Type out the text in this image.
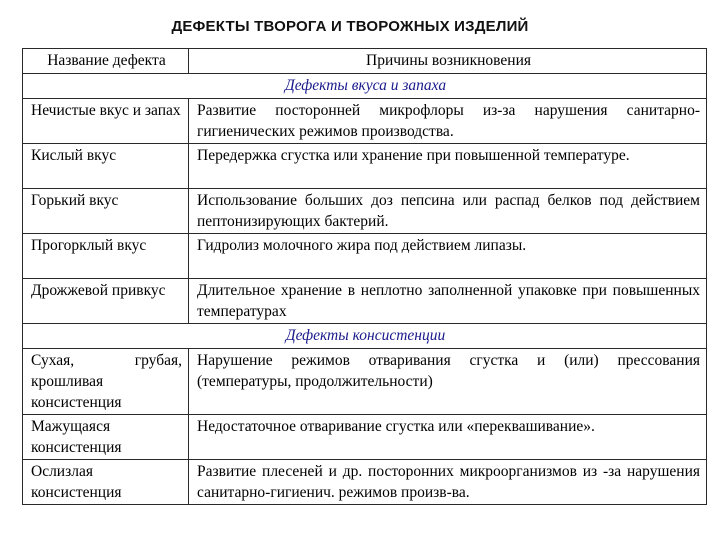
ДЕФЕКТЫ ТВОРОГА И ТВОРОЖНЫХ ИЗДЕЛИЙ
Название дефекта	Причины возникновения
Дефекты вкуса и запаха	
Нечистые вкус и запах	Развитие посторонней микрофлоры из-за нарушения санитарно-гигиенических режимов производства.
Кислый вкус	Передержка сгустка или хранение при повышенной температуре.
Горький вкус	Использование больших доз пепсина или распад белков под действием пептонизирующих бактерий.
Прогорклый вкус	Гидролиз молочного жира под действием липазы.
Дрожжевой привкус	Длительное хранение в неплотно заполненной упаковке при повышенных температурах
Дефекты консистенции	
Сухая, грубая, крошливая консистенция	Нарушение режимов отваривания сгустка и (или) прессования (температуры, продолжительности)
Мажущаяся консистенция	Недостаточное отваривание сгустка или «переквашивание».
Ослизлая консистенция	Развитие плесеней и др. посторонних микроорганизмов из -за нарушения санитарно-гигиенич. режимов произв-ва.
